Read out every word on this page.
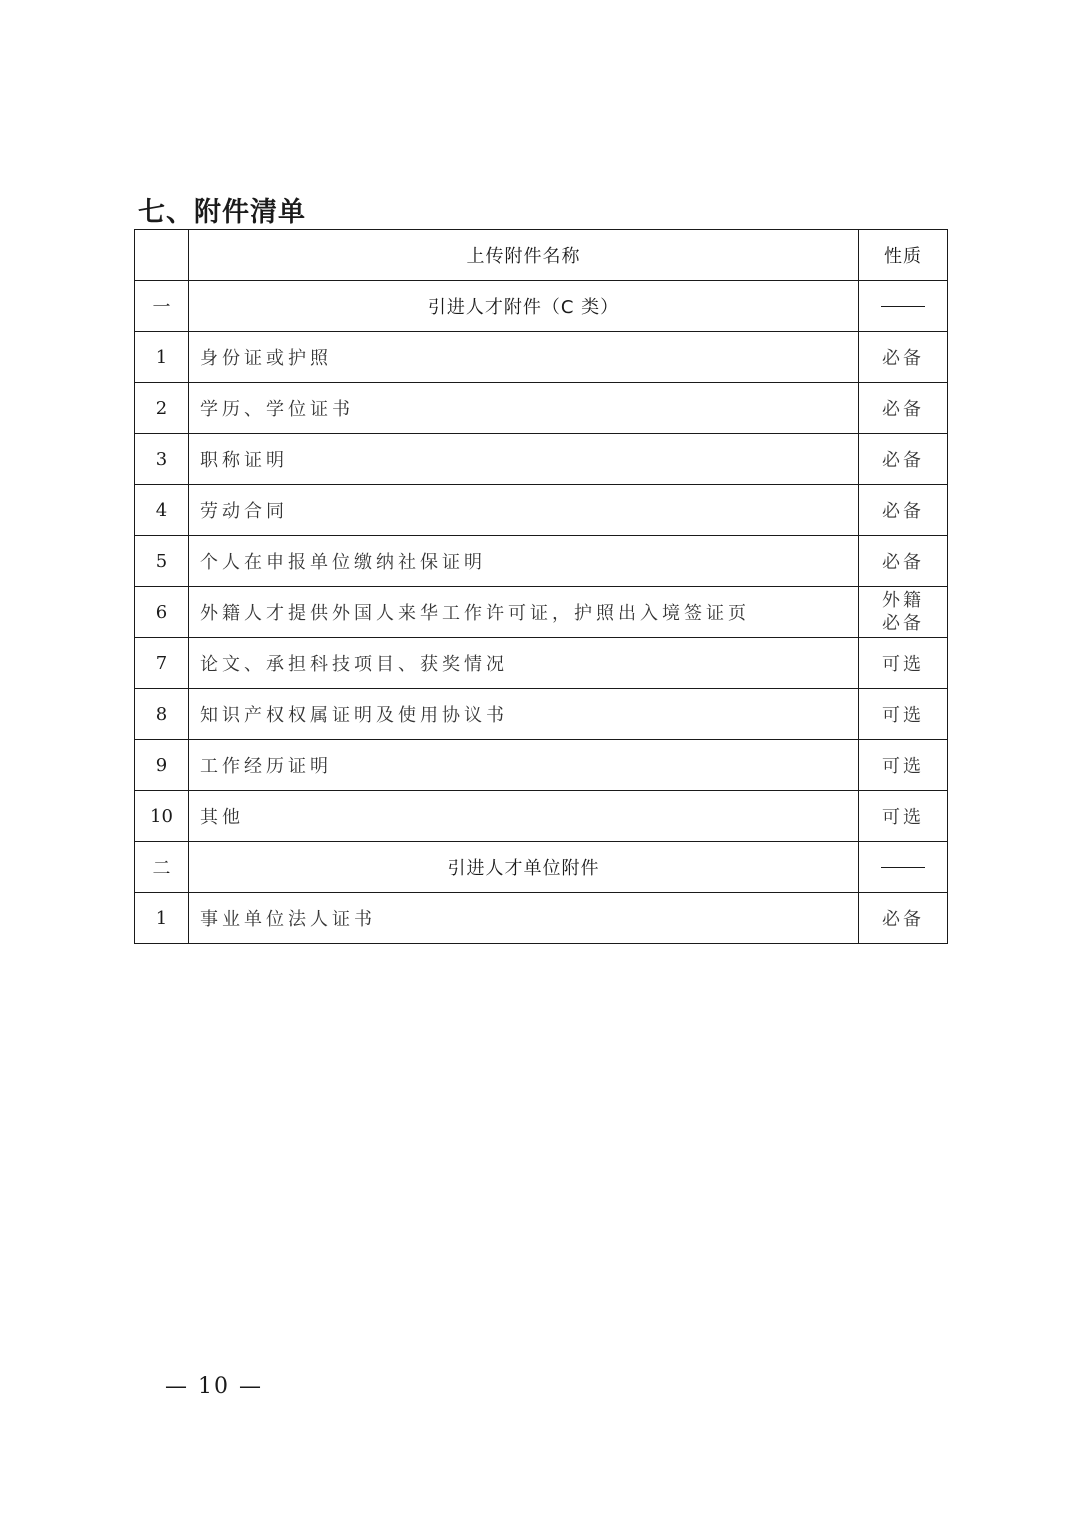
七、附件清单
	上传附件名称	性质
一	引进人才附件（C 类）	
1	身份证或护照	必备
2	学历、学位证书	必备
3	职称证明	必备
4	劳动合同	必备
5	个人在申报单位缴纳社保证明	必备
6	外籍人才提供外国人来华工作许可证，护照出入境签证页	外籍
必备
7	论文、承担科技项目、获奖情况	可选
8	知识产权权属证明及使用协议书	可选
9	工作经历证明	可选
10	其他	可选
二	引进人才单位附件	
1	事业单位法人证书	必备
— 10 —
